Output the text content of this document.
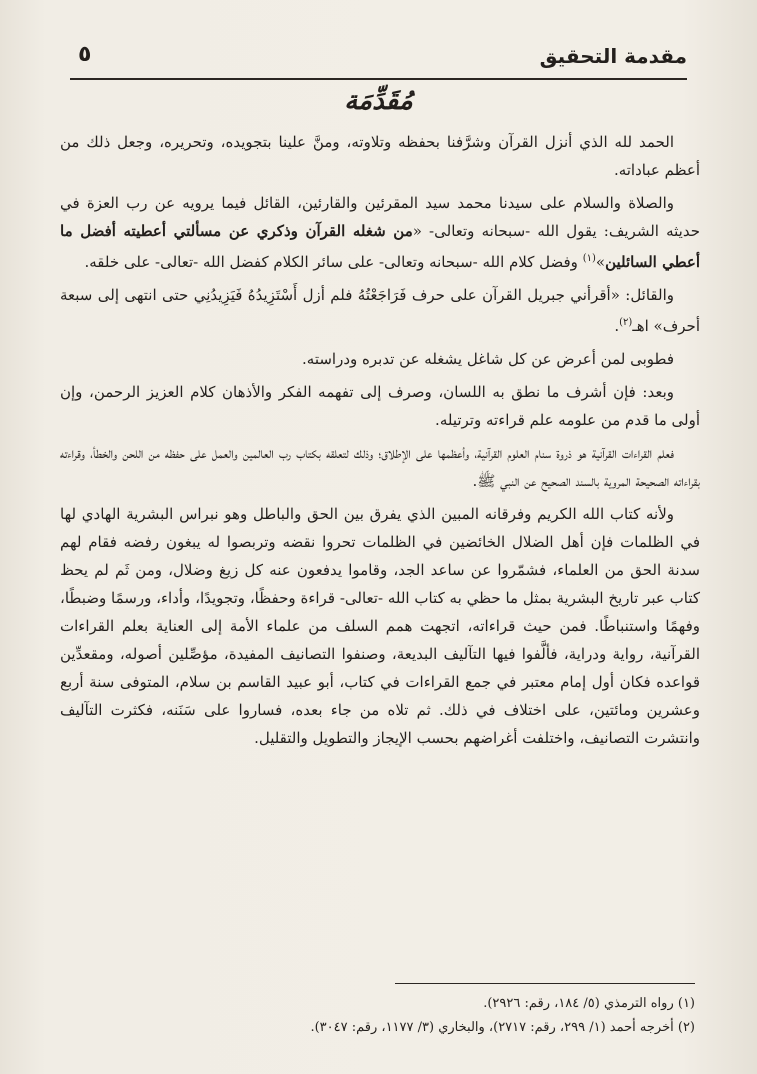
مقدمة التحقيق
٥
مُقَدِّمَة

الحمد لله الذي أنزل القرآن وشرَّفنا بحفظه وتلاوته، ومنَّ علينا بتجويده، وتحريره، وجعل ذلك من أعظم عباداته.

والصلاة والسلام على سيدنا محمد سيد المقرئين والقارئين، القائل فيما يرويه عن رب العزة في حديثه الشريف: يقول الله -سبحانه وتعالى- «من شغله القرآن وذكري عن مسألتي أعطيته أفضل ما أعطي السائلين»$^{(١)}$ وفضل كلام الله -سبحانه وتعالى- على سائر الكلام كفضل الله -تعالى- على خلقه.

والقائل: «أقرأني جبريل القرآن على حرف فَرَاجَعْتُهُ فلم أزل أَسْتَزِيدُهُ فَيَزِيدُنِي حتى انتهى إلى سبعة أحرف» اهـ$^{(٢)}$.

فطوبى لمن أعرض عن كل شاغل يشغله عن تدبره ودراسته.

وبعد: فإن أشرف ما نطق به اللسان، وصرف إلى تفهمه الفكر والأذهان كلام العزيز الرحمن، وإن أولى ما قدم من علومه علم قراءته وترتيله.

فعلم القراءات القرآنية هو ذروة سنام العلوم القرآنية، وأعظمها على الإطلاق؛ وذلك لتعلقه بكتاب رب العالمين والعمل على حفظه من اللحن والخطأ، وقراءته بقراءاته الصحيحة المروية بالسند الصحيح عن النبي ﷺ.

ولأنه كتاب الله الكريم وفرقانه المبين الذي يفرق بين الحق والباطل وهو نبراس البشرية الهادي لها في الظلمات فإن أهل الضلال الخائضين في الظلمات تحروا نقضه وتربصوا له يبغون رفضه فقام لهم سدنة الحق من العلماء، فشمّروا عن ساعد الجد، وقاموا يدفعون عنه كل زيغ وضلال، ومن ثَم لم يحظ كتاب عبر تاريخ البشرية بمثل ما حظي به كتاب الله -تعالى- قراءة وحفظًا، وتجويدًا، وأداء، ورسمًا وضبطًا، وفهمًا واستنباطًا. فمن حيث قراءاته، اتجهت همم السلف من علماء الأمة إلى العناية بعلم القراءات القرآنية، رواية ودراية، فألَّفوا فيها التآليف البديعة، وصنفوا التصانيف المفيدة، مؤصِّلين أصوله، ومقعدِّين قواعده فكان أول إمام معتبر في جمع القراءات في كتاب، أبو عبيد القاسم بن سلام، المتوفى سنة أربع وعشرين ومائتين، على اختلاف في ذلك. ثم تلاه من جاء بعده، فساروا على سَنَنه، فكثرت التآليف وانتشرت التصانيف، واختلفت أغراضهم بحسب الإيجاز والتطويل والتقليل.

(١) رواه الترمذي (٥/ ١٨٤، رقم: ٢٩٢٦).
(٢) أخرجه أحمد (١/ ٢٩٩، رقم: ٢٧١٧)، والبخاري (٣/ ١١٧٧، رقم: ٣٠٤٧).
